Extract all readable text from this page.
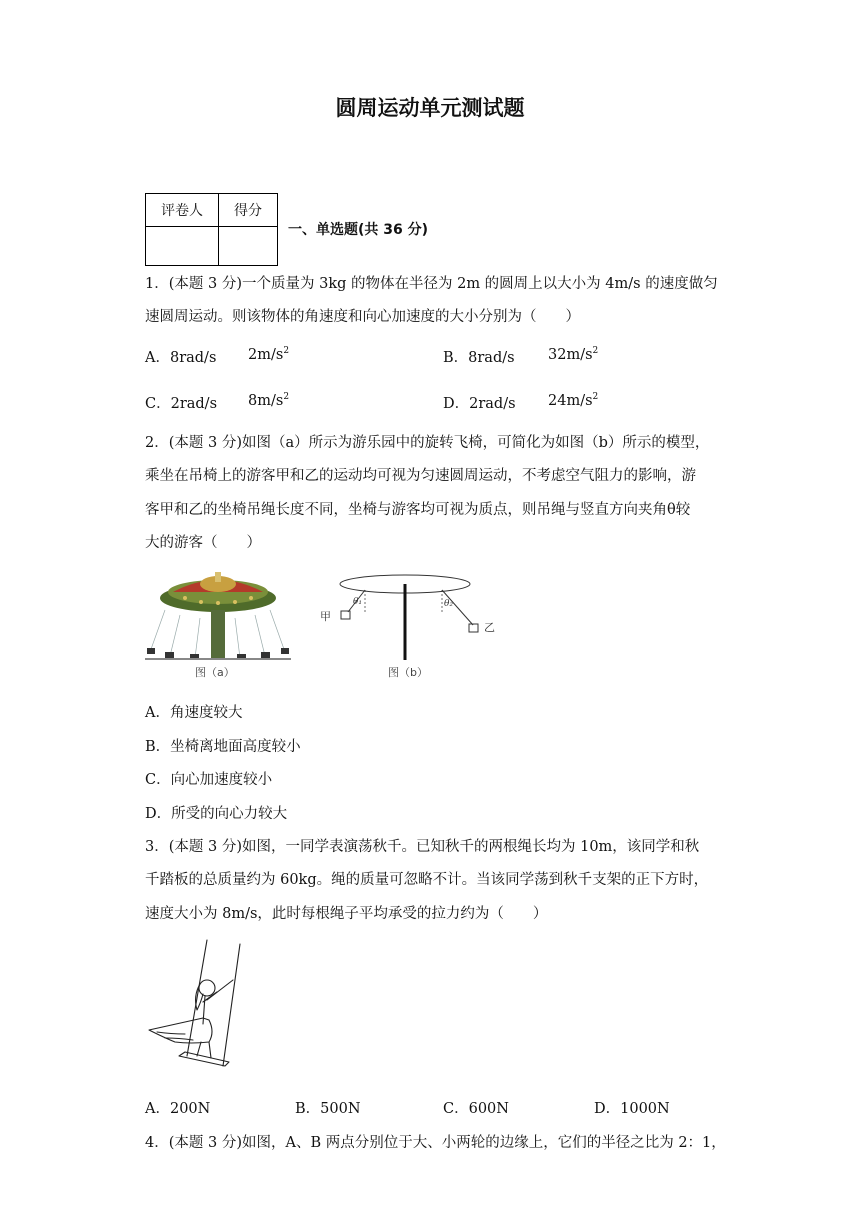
圆周运动单元测试题
评卷人	得分

一、单选题(共 36 分)
1．(本题 3 分)一个质量为 3kg 的物体在半径为 2m 的圆周上以大小为 4m/s 的速度做匀
速圆周运动。则该物体的角速度和向心加速度的大小分别为（　　）
A．8rad/s $2m/s^2$	B．8rad/s $32m/s^2$
C．2rad/s $8m/s^2$	D．2rad/s $24m/s^2$
2．(本题 3 分)如图（a）所示为游乐园中的旋转飞椅，可简化为如图（b）所示的模型，
乘坐在吊椅上的游客甲和乙的运动均可视为匀速圆周运动，不考虑空气阻力的影响，游
客甲和乙的坐椅吊绳长度不同，坐椅与游客均可视为质点，则吊绳与竖直方向夹角θ较
大的游客（　　）
图（a）
θ₁
甲
θ₂
乙
图（b）
A．角速度较大
B．坐椅离地面高度较小
C．向心加速度较小
D．所受的向心力较大
3．(本题 3 分)如图，一同学表演荡秋千。已知秋千的两根绳长均为 10m，该同学和秋
千踏板的总质量约为 60kg。绳的质量可忽略不计。当该同学荡到秋千支架的正下方时，
速度大小为 8m/s，此时每根绳子平均承受的拉力约为（　　）
A．200N	B．500N	C．600N	D．1000N
4．(本题 3 分)如图，A、B 两点分别位于大、小两轮的边缘上，它们的半径之比为 2：1，
